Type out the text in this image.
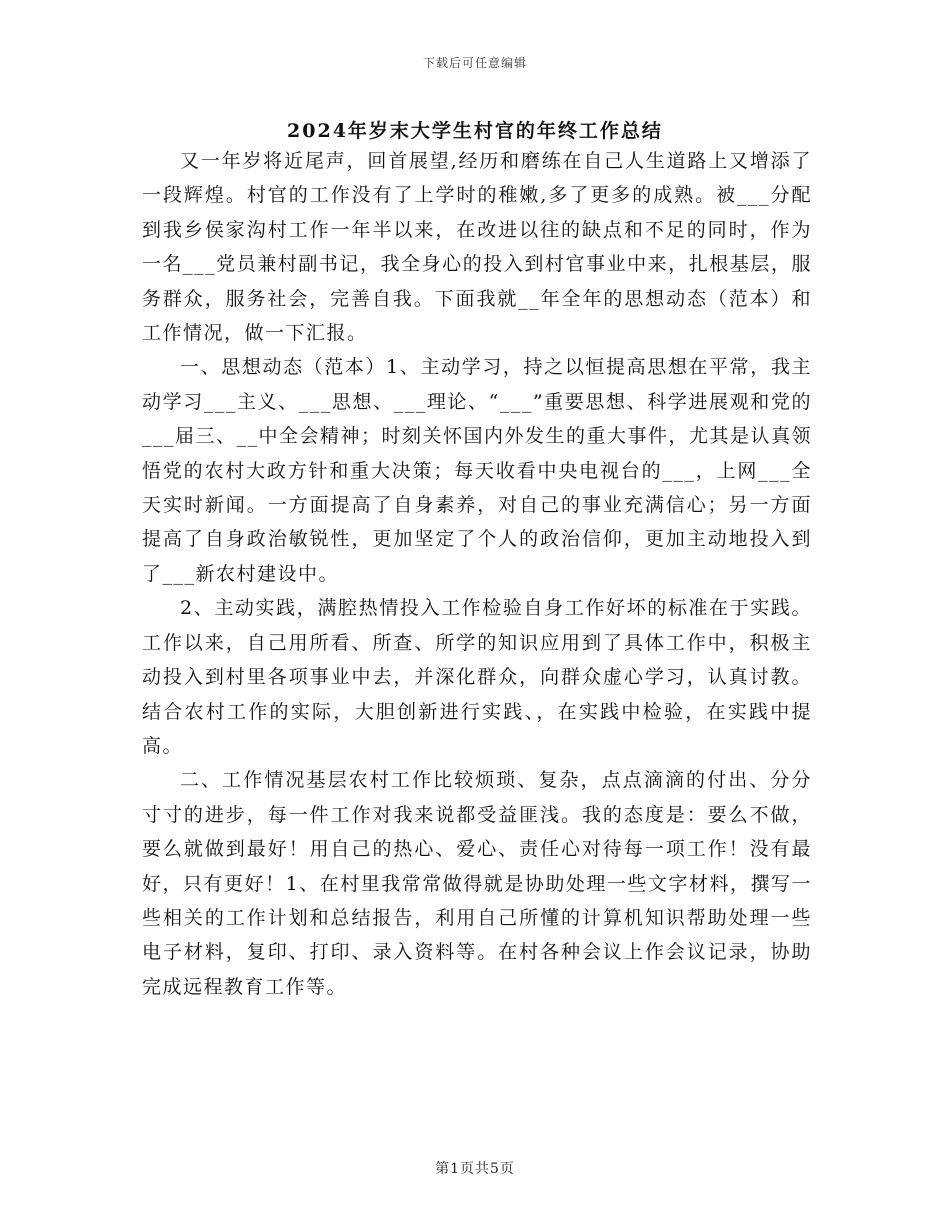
下载后可任意编辑
2024年岁末大学生村官的年终工作总结

又一年岁将近尾声，回首展望,经历和磨练在自己人生道路上又增添了一段辉煌。村官的工作没有了上学时的稚嫩,多了更多的成熟。被___分配到我乡侯家沟村工作一年半以来，在改进以往的缺点和不足的同时，作为一名___党员兼村副书记，我全身心的投入到村官事业中来，扎根基层，服务群众，服务社会，完善自我。下面我就__年全年的思想动态（范本）和工作情况，做一下汇报。

一、思想动态（范本）1、主动学习，持之以恒提高思想在平常，我主动学习___主义、___思想、___理论、“___”重要思想、科学进展观和党的___届三、__中全会精神；时刻关怀国内外发生的重大事件，尤其是认真领悟党的农村大政方针和重大决策；每天收看中央电视台的___，上网___全天实时新闻。一方面提高了自身素养，对自己的事业充满信心；另一方面提高了自身政治敏锐性，更加坚定了个人的政治信仰，更加主动地投入到了___新农村建设中。

2、主动实践，满腔热情投入工作检验自身工作好坏的标准在于实践。工作以来，自己用所看、所查、所学的知识应用到了具体工作中，积极主动投入到村里各项事业中去，并深化群众，向群众虚心学习，认真讨教。结合农村工作的实际，大胆创新进行实践、，在实践中检验，在实践中提高。

二、工作情况基层农村工作比较烦琐、复杂，点点滴滴的付出、分分寸寸的进步，每一件工作对我来说都受益匪浅。我的态度是：要么不做，要么就做到最好！用自己的热心、爱心、责任心对待每一项工作！没有最好，只有更好！1、在村里我常常做得就是协助处理一些文字材料，撰写一些相关的工作计划和总结报告，利用自己所懂的计算机知识帮助处理一些电子材料，复印、打印、录入资料等。在村各种会议上作会议记录，协助完成远程教育工作等。

第1页共5页
